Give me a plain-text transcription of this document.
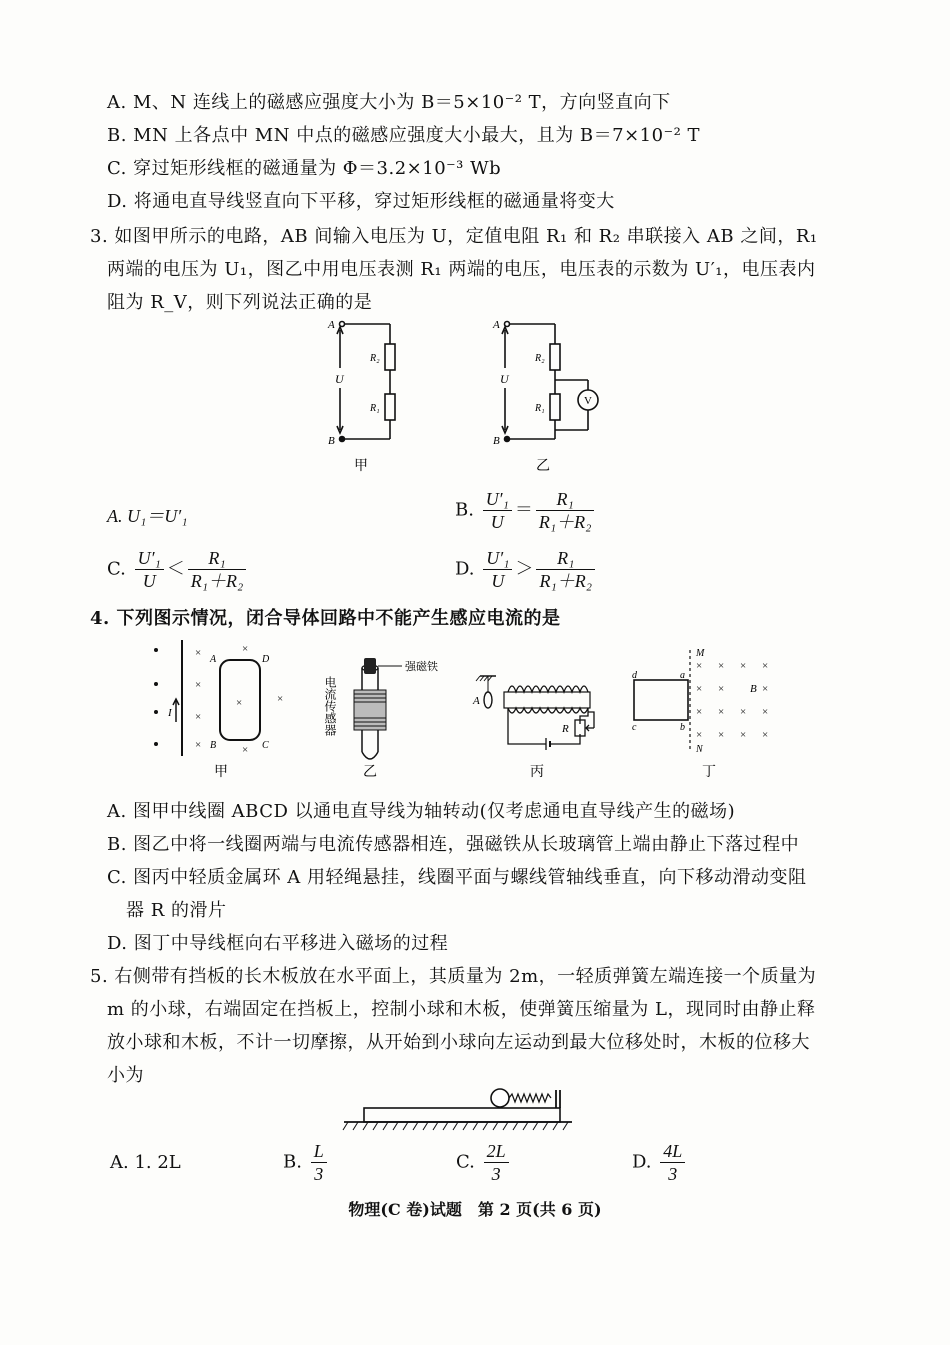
A. M、N 连线上的磁感应强度大小为 B＝5×10⁻² T，方向竖直向下
B. MN 上各点中 MN 中点的磁感应强度大小最大，且为 B＝7×10⁻² T
C. 穿过矩形线框的磁通量为 Φ＝3.2×10⁻³ Wb
D. 将通电直导线竖直向下平移，穿过矩形线框的磁通量将变大
3. 如图甲所示的电路，AB 间输入电压为 U，定值电阻 R₁ 和 R₂ 串联接入 AB 之间，R₁
两端的电压为 U₁，图乙中用电压表测 R₁ 两端的电压，电压表的示数为 U′₁，电压表内
阻为 R_V，则下列说法正确的是
A
B
U
R₂
R₁
甲
A
B
U
R₂
R₁
V
乙
A. U₁＝U′₁	B. $\frac{\text{U′₁}}{U} = \frac{\text{R₁}}{\text{R₁＋R₂}}$
C. $\frac{\text{U′₁}}{U} < \frac{\text{R₁}}{\text{R₁＋R₂}}$	D. $\frac{\text{U′₁}}{U} > \frac{\text{R₁}}{\text{R₁＋R₂}}$
4. 下列图示情况，闭合导体回路中不能产生感应电流的是
×
×
×
×
×	×
×
×
A
B	C
D
I
甲
强磁铁
电流传感器
乙
A
R
丙
× × × ×
× ×	×
× × × ×
× × × ×
M
N
a
b
c
d
B
丁
A. 图甲中线圈 ABCD 以通电直导线为轴转动(仅考虑通电直导线产生的磁场)
B. 图乙中将一线圈两端与电流传感器相连，强磁铁从长玻璃管上端由静止下落过程中
C. 图丙中轻质金属环 A 用轻绳悬挂，线圈平面与螺线管轴线垂直，向下移动滑动变阻
器 R 的滑片
D. 图丁中导线框向右平移进入磁场的过程
5. 右侧带有挡板的长木板放在水平面上，其质量为 2m，一轻质弹簧左端连接一个质量为
m 的小球，右端固定在挡板上，控制小球和木板，使弹簧压缩量为 L，现同时由静止释
放小球和木板，不计一切摩擦，从开始到小球向左运动到最大位移处时，木板的位移大
小为
A. 1. 2L	B. $\frac{L}{3}$	C. $\frac{2L}{3}$	D. $\frac{4L}{3}$
物理(C 卷)试题　第 2 页(共 6 页)
